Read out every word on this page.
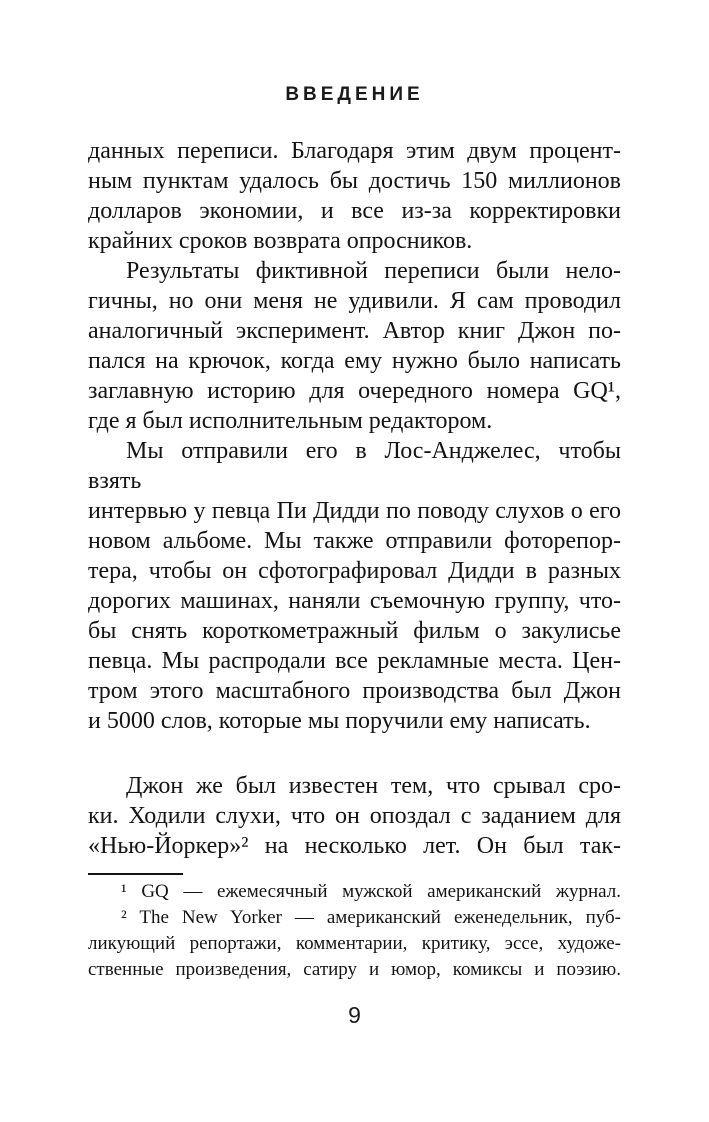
ВВЕДЕНИЕ
данных переписи. Благодаря этим двум процент-
ным пунктам удалось бы достичь 150 миллионов
долларов экономии, и все из-за корректировки
крайних сроков возврата опросников.
Результаты фиктивной переписи были нело-
гичны, но они меня не удивили. Я сам проводил
аналогичный эксперимент. Автор книг Джон по-
пался на крючок, когда ему нужно было написать
заглавную историю для очередного номера GQ¹,
где я был исполнительным редактором.
Мы отправили его в Лос-Анджелес, чтобы взять
интервью у певца Пи Дидди по поводу слухов о его
новом альбоме. Мы также отправили фоторепор-
тера, чтобы он сфотографировал Дидди в разных
дорогих машинах, наняли съемочную группу, что-
бы снять короткометражный фильм о закулисье
певца. Мы распродали все рекламные места. Цен-
тром этого масштабного производства был Джон
и 5000 слов, которые мы поручили ему написать.
Джон же был известен тем, что срывал сро-
ки. Ходили слухи, что он опоздал с заданием для
«Нью-Йоркер»² на несколько лет. Он был так-
¹ GQ — ежемесячный мужской американский журнал.
² The New Yorker — американский еженедельник, пуб-
ликующий репортажи, комментарии, критику, эссе, художе-
ственные произведения, сатиру и юмор, комиксы и поэзию.
9
